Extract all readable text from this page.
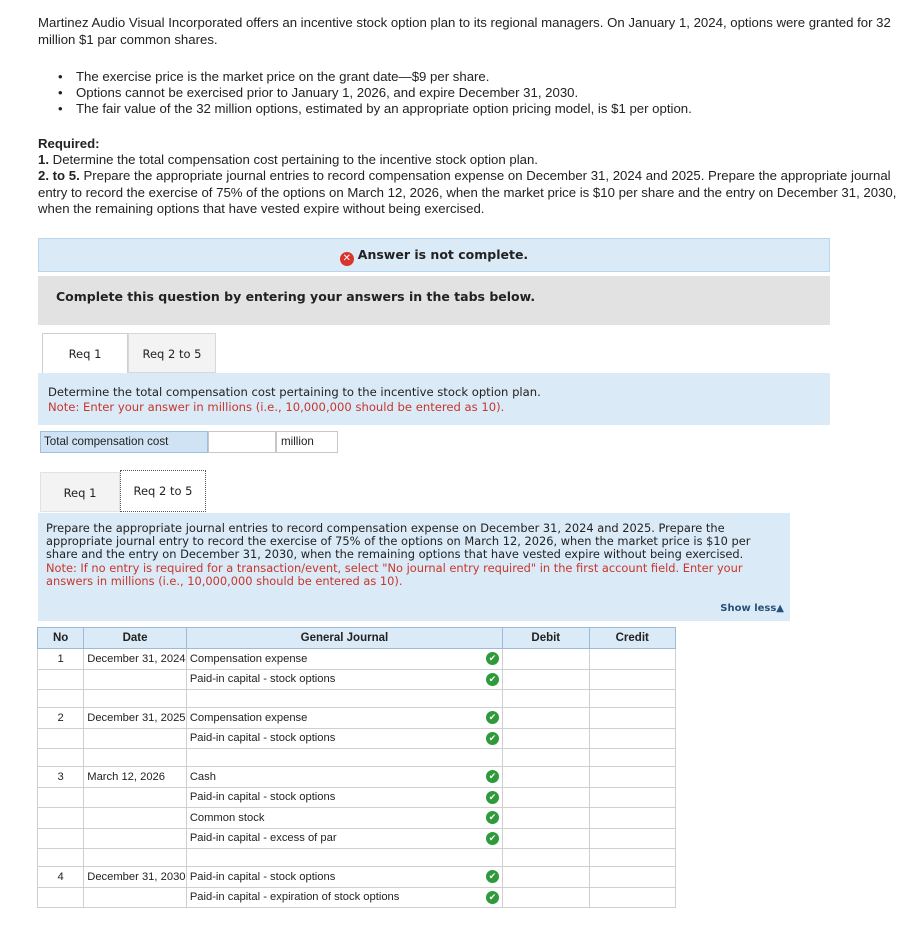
Martinez Audio Visual Incorporated offers an incentive stock option plan to its regional managers. On January 1, 2024, options were granted for 32 million $1 par common shares.
• The exercise price is the market price on the grant date—$9 per share.
• Options cannot be exercised prior to January 1, 2026, and expire December 31, 2030.
• The fair value of the 32 million options, estimated by an appropriate option pricing model, is $1 per option.
Required:
1. Determine the total compensation cost pertaining to the incentive stock option plan.
2. to 5. Prepare the appropriate journal entries to record compensation expense on December 31, 2024 and 2025. Prepare the appropriate journal entry to record the exercise of 75% of the options on March 12, 2026, when the market price is $10 per share and the entry on December 31, 2030, when the remaining options that have vested expire without being exercised.
✕ Answer is not complete.
Complete this question by entering your answers in the tabs below.
Req 1	Req 2 to 5
Determine the total compensation cost pertaining to the incentive stock option plan.
Note: Enter your answer in millions (i.e., 10,000,000 should be entered as 10).
Total compensation cost	million
Req 1	Req 2 to 5
Prepare the appropriate journal entries to record compensation expense on December 31, 2024 and 2025. Prepare the appropriate journal entry to record the exercise of 75% of the options on March 12, 2026, when the market price is $10 per share and the entry on December 31, 2030, when the remaining options that have vested expire without being exercised.
Note: If no entry is required for a transaction/event, select "No journal entry required" in the first account field. Enter your answers in millions (i.e., 10,000,000 should be entered as 10).
Show less▲
No	Date	General Journal		Debit	Credit
1	December 31, 2024	Compensation expense	✔		
		Paid-in capital - stock options	✔		

2	December 31, 2025	Compensation expense	✔		
		Paid-in capital - stock options	✔		

3	March 12, 2026	Cash	✔		
		Paid-in capital - stock options	✔		
		Common stock	✔		
		Paid-in capital - excess of par	✔		

4	December 31, 2030	Paid-in capital - stock options	✔		
		Paid-in capital - expiration of stock options	✔		
